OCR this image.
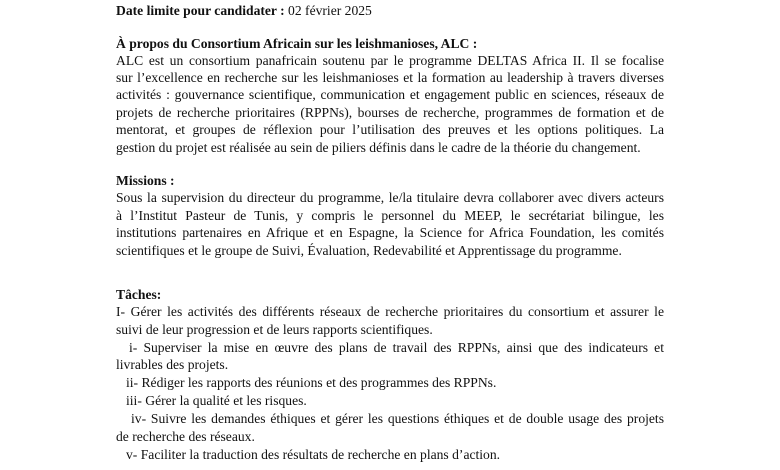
Date limite pour candidater : 02 février 2025
À propos du Consortium Africain sur les leishmanioses, ALC :
ALC est un consortium panafricain soutenu par le programme DELTAS Africa II. Il se focalise
sur l’excellence en recherche sur les leishmanioses et la formation au leadership à travers diverses
activités : gouvernance scientifique, communication et engagement public en sciences, réseaux de
projets de recherche prioritaires (RPPNs), bourses de recherche, programmes de formation et de
mentorat, et groupes de réflexion pour l’utilisation des preuves et les options politiques. La
gestion du projet est réalisée au sein de piliers définis dans le cadre de la théorie du changement.
Missions :
Sous la supervision du directeur du programme, le/la titulaire devra collaborer avec divers acteurs
à l’Institut Pasteur de Tunis, y compris le personnel du MEEP, le secrétariat bilingue, les
institutions partenaires en Afrique et en Espagne, la Science for Africa Foundation, les comités
scientifiques et le groupe de Suivi, Évaluation, Redevabilité et Apprentissage du programme.
Tâches:
I- Gérer les activités des différents réseaux de recherche prioritaires du consortium et assurer le
suivi de leur progression et de leurs rapports scientifiques.
i- Superviser la mise en œuvre des plans de travail des RPPNs, ainsi que des indicateurs et
livrables des projets.
ii- Rédiger les rapports des réunions et des programmes des RPPNs.
iii- Gérer la qualité et les risques.
iv- Suivre les demandes éthiques et gérer les questions éthiques et de double usage des projets
de recherche des réseaux.
v- Faciliter la traduction des résultats de recherche en plans d’action.
